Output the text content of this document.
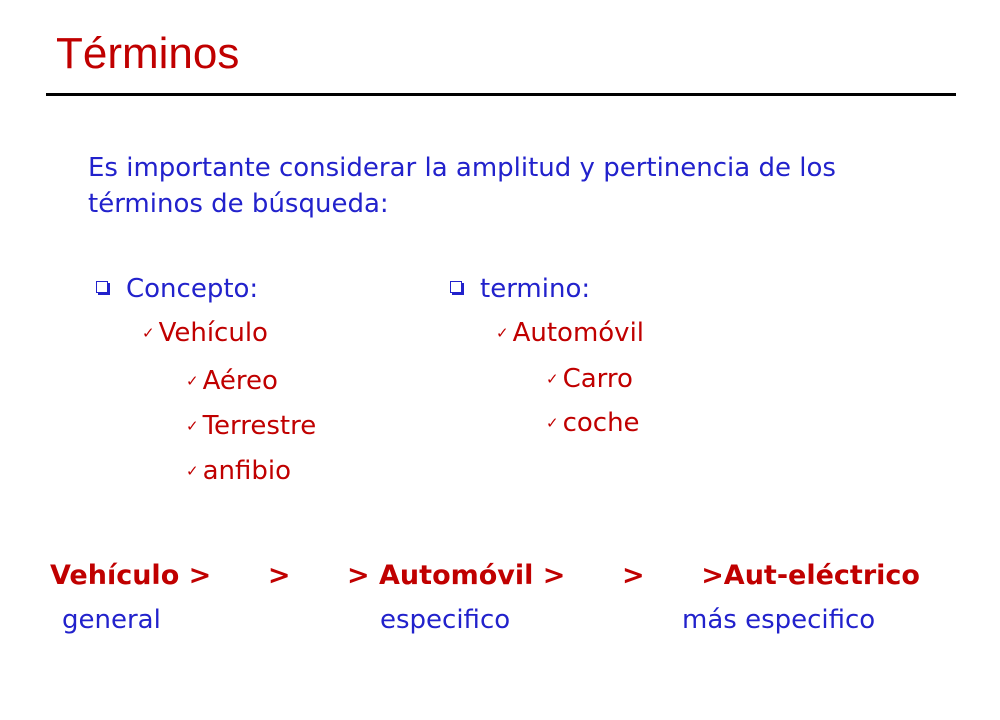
Términos
Es importante considerar la amplitud y pertinencia de los términos de búsqueda:
Concepto:
✓ Vehículo
✓ Aéreo
✓ Terrestre
✓ anfibio
termino:
✓ Automóvil
✓ Carro
✓ coche
Vehículo > > > Automóvil > > >Aut-eléctrico
general	especifico	más especifico
